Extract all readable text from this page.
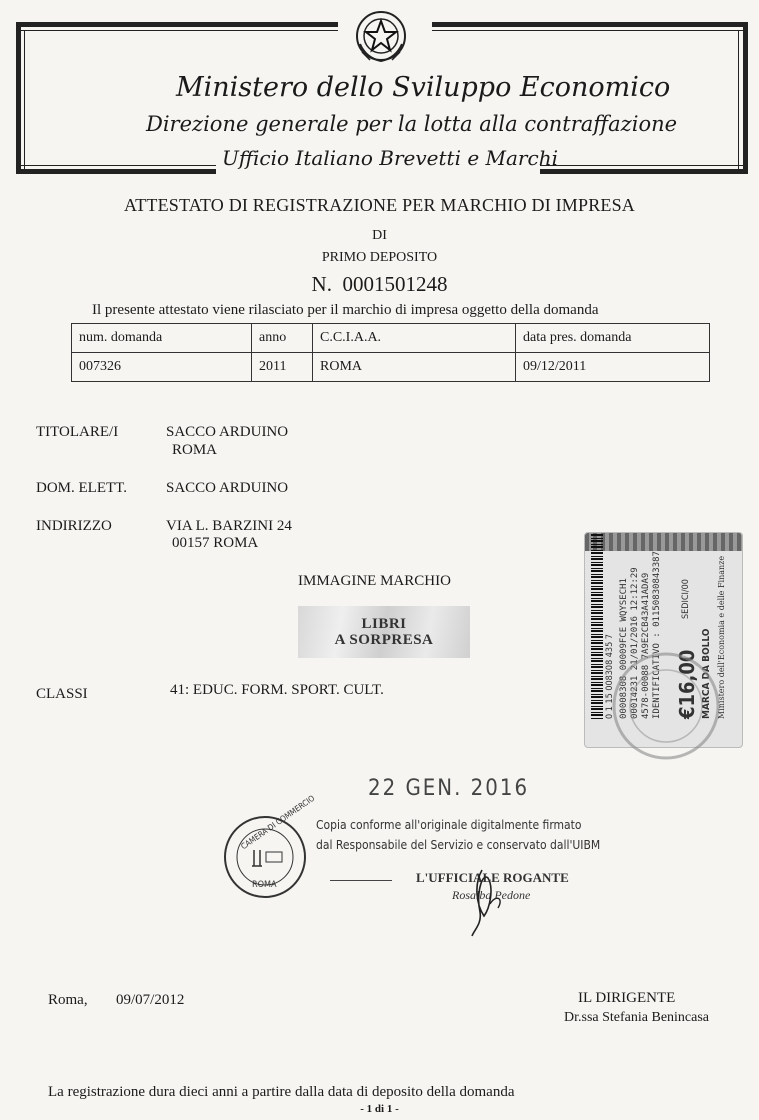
Ministero dello Sviluppo Economico
Direzione generale per la lotta alla contraffazione
Ufficio Italiano Brevetti e Marchi
ATTESTATO DI REGISTRAZIONE PER MARCHIO DI IMPRESA
DI
PRIMO DEPOSITO
N. 0001501248
Il presente attestato viene rilasciato per il marchio di impresa oggetto della domanda
num. domanda	anno	C.C.I.A.A.	data pres. domanda
007326	2011	ROMA	09/12/2011
TITOLARE/I	SACCO ARDUINO
ROMA
DOM. ELETT.	SACCO ARDUINO
INDIRIZZO	VIA L. BARZINI 24
00157 ROMA
IMMAGINE MARCHIO
LIBRI
A SORPRESA
CLASSI	41: EDUC. FORM. SPORT. CULT.	0 1 15 008308 435 7 00008308 00009FCE WQYSECH1 00014231 21/01/2016 12:12:29 4578-00088 7A9E2CB43A41ADA9 IDENTIFICATIVO : 01150830843387 €16,00
SEDICI/00
MARCA DA BOLLO Ministero dell'Economia e delle Finanze
22 GEN. 2016
CAMERA DI COMMERCIO
ROMA
Copia conforme all'originale digitalmente firmato
dal Responsabile del Servizio e conservato dall'UIBM
L'UFFICIALE ROGANTE
Rosalba Pedone
Roma, 09/07/2012	IL DIRIGENTE
Dr.ssa Stefania Benincasa
La registrazione dura dieci anni a partire dalla data di deposito della domanda
- 1 di 1 -
